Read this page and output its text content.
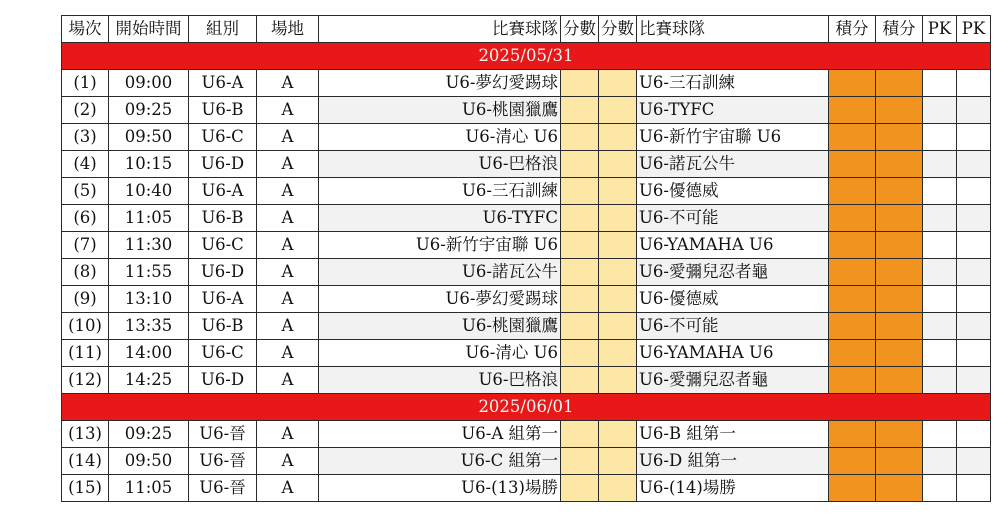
場次	開始時間	組別	場地	比賽球隊	分數	分數	比賽球隊	積分	積分	PK	PK
2025/05/31											
(1)	09:00	U6-A	A	U6-夢幻愛踢球			U6-三石訓練				
(2)	09:25	U6-B	A	U6-桃園獵鷹			U6-TYFC				
(3)	09:50	U6-C	A	U6-清心 U6			U6-新竹宇宙聯 U6				
(4)	10:15	U6-D	A	U6-巴格浪			U6-諾瓦公牛				
(5)	10:40	U6-A	A	U6-三石訓練			U6-優德威				
(6)	11:05	U6-B	A	U6-TYFC			U6-不可能				
(7)	11:30	U6-C	A	U6-新竹宇宙聯 U6			U6-YAMAHA U6				
(8)	11:55	U6-D	A	U6-諾瓦公牛			U6-愛彌兒忍者龜				
(9)	13:10	U6-A	A	U6-夢幻愛踢球			U6-優德威				
(10)	13:35	U6-B	A	U6-桃園獵鷹			U6-不可能				
(11)	14:00	U6-C	A	U6-清心 U6			U6-YAMAHA U6				
(12)	14:25	U6-D	A	U6-巴格浪			U6-愛彌兒忍者龜				
2025/06/01											
(13)	09:25	U6-晉	A	U6-A 組第一			U6-B 組第一				
(14)	09:50	U6-晉	A	U6-C 組第一			U6-D 組第一				
(15)	11:05	U6-晉	A	U6-(13)場勝			U6-(14)場勝				
